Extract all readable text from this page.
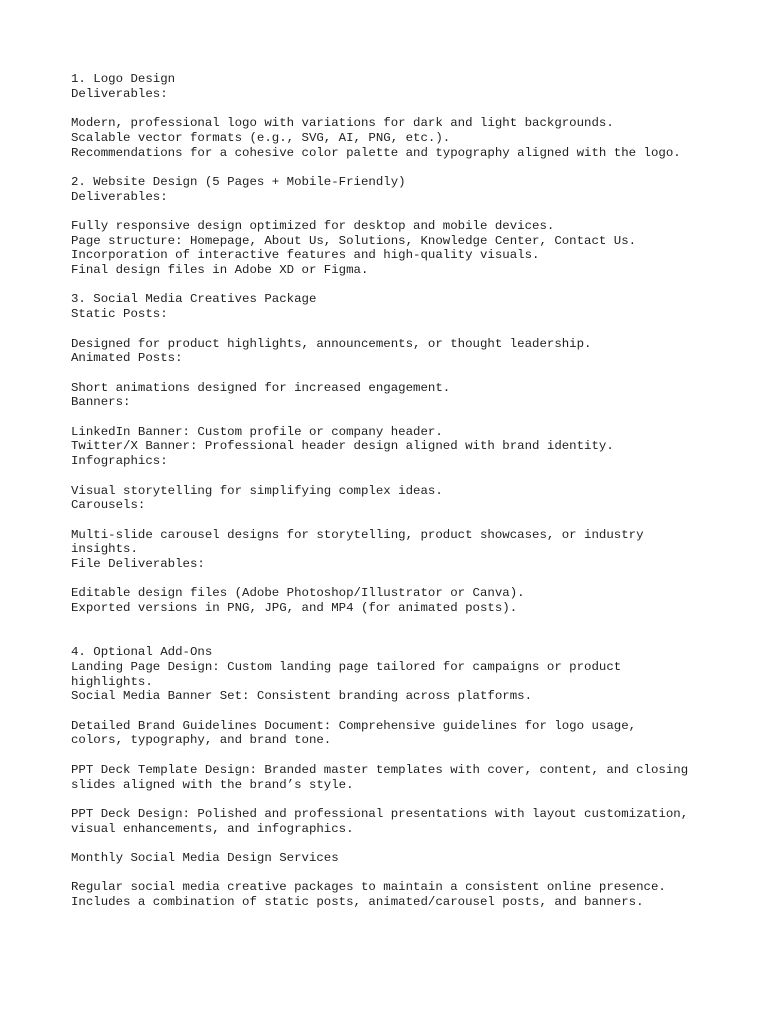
1. Logo Design
Deliverables:
Modern, professional logo with variations for dark and light backgrounds.
Scalable vector formats (e.g., SVG, AI, PNG, etc.).
Recommendations for a cohesive color palette and typography aligned with the logo.
2. Website Design (5 Pages + Mobile-Friendly)
Deliverables:
Fully responsive design optimized for desktop and mobile devices.
Page structure: Homepage, About Us, Solutions, Knowledge Center, Contact Us.
Incorporation of interactive features and high-quality visuals.
Final design files in Adobe XD or Figma.
3. Social Media Creatives Package
Static Posts:
Designed for product highlights, announcements, or thought leadership.
Animated Posts:
Short animations designed for increased engagement.
Banners:
LinkedIn Banner: Custom profile or company header.
Twitter/X Banner: Professional header design aligned with brand identity.
Infographics:
Visual storytelling for simplifying complex ideas.
Carousels:
Multi-slide carousel designs for storytelling, product showcases, or industry
insights.
File Deliverables:
Editable design files (Adobe Photoshop/Illustrator or Canva).
Exported versions in PNG, JPG, and MP4 (for animated posts).
4. Optional Add-Ons
Landing Page Design: Custom landing page tailored for campaigns or product
highlights.
Social Media Banner Set: Consistent branding across platforms.
Detailed Brand Guidelines Document: Comprehensive guidelines for logo usage,
colors, typography, and brand tone.
PPT Deck Template Design: Branded master templates with cover, content, and closing
slides aligned with the brand’s style.
PPT Deck Design: Polished and professional presentations with layout customization,
visual enhancements, and infographics.
Monthly Social Media Design Services
Regular social media creative packages to maintain a consistent online presence.
Includes a combination of static posts, animated/carousel posts, and banners.
